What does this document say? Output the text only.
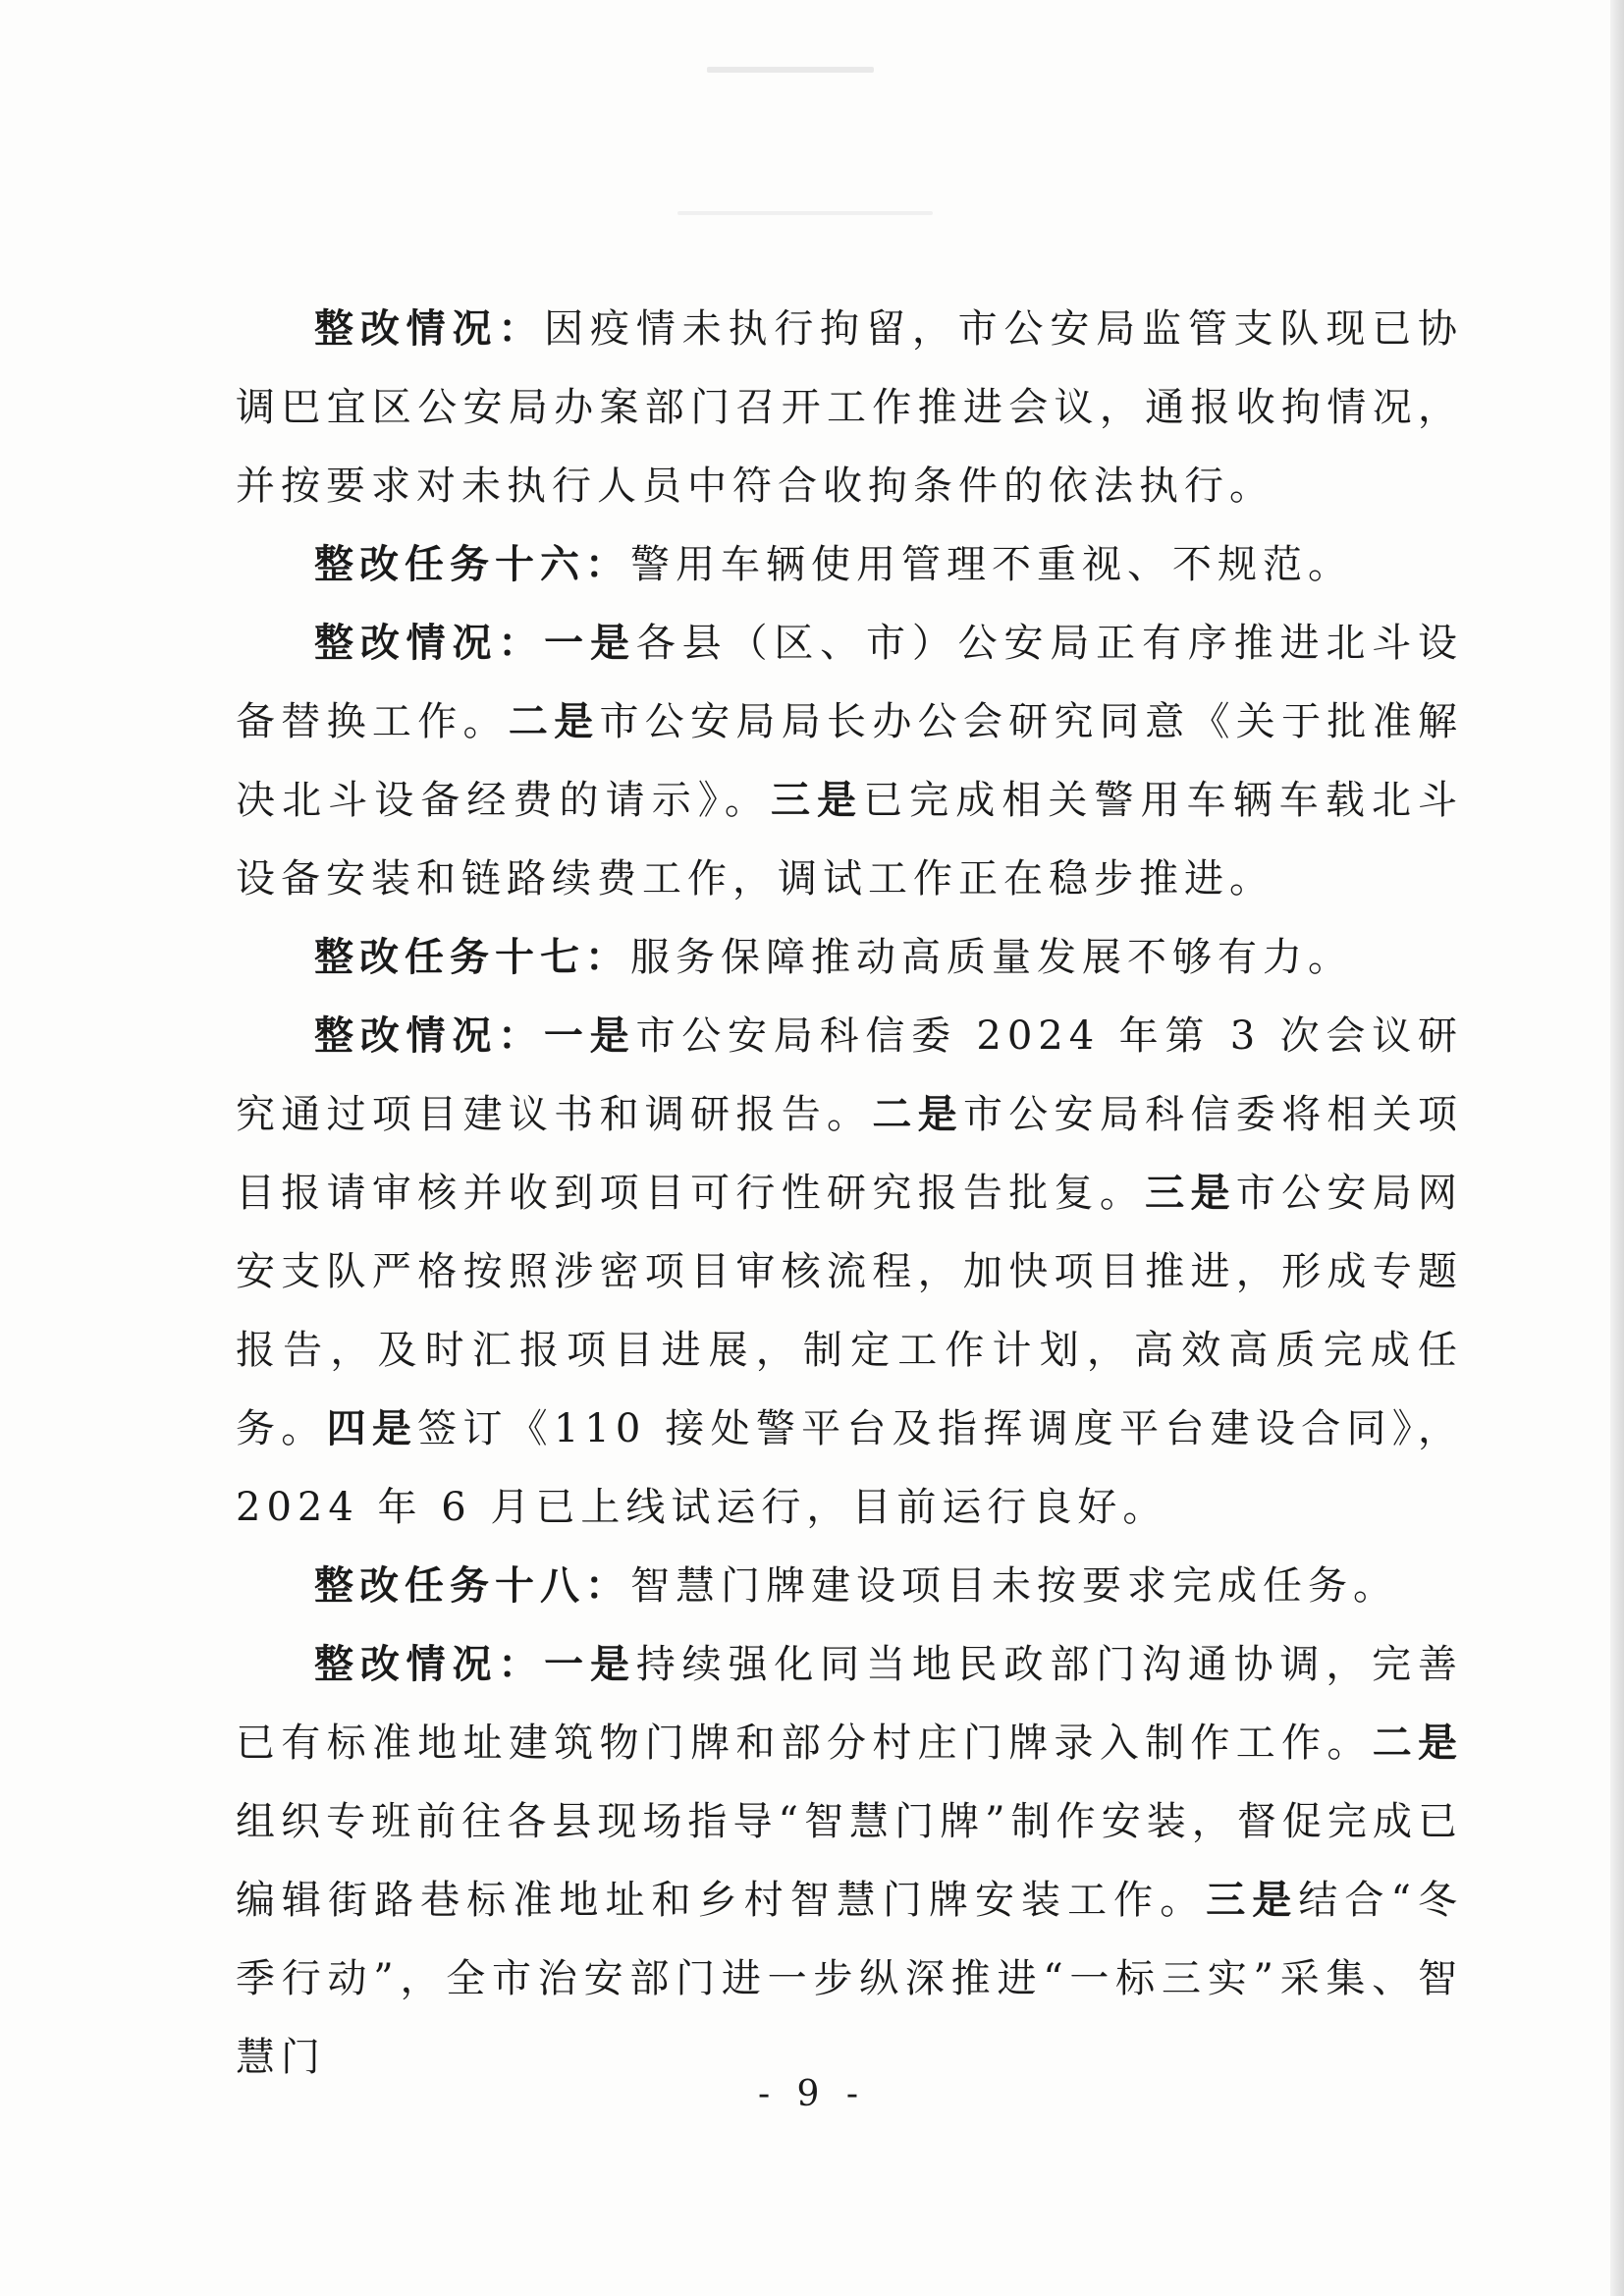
整改情况：因疫情未执行拘留，市公安局监管支队现已协调巴宜区公安局办案部门召开工作推进会议，通报收拘情况，并按要求对未执行人员中符合收拘条件的依法执行。

整改任务十六：警用车辆使用管理不重视、不规范。

整改情况：一是各县（区、市）公安局正有序推进北斗设备替换工作。二是市公安局局长办公会研究同意《关于批准解决北斗设备经费的请示》。三是已完成相关警用车辆车载北斗设备安装和链路续费工作，调试工作正在稳步推进。

整改任务十七：服务保障推动高质量发展不够有力。

整改情况：一是市公安局科信委 2024 年第 3 次会议研究通过项目建议书和调研报告。二是市公安局科信委将相关项目报请审核并收到项目可行性研究报告批复。三是市公安局网安支队严格按照涉密项目审核流程，加快项目推进，形成专题报告，及时汇报项目进展，制定工作计划，高效高质完成任务。四是签订《110 接处警平台及指挥调度平台建设合同》，2024 年 6 月已上线试运行，目前运行良好。

整改任务十八：智慧门牌建设项目未按要求完成任务。

整改情况：一是持续强化同当地民政部门沟通协调，完善已有标准地址建筑物门牌和部分村庄门牌录入制作工作。二是组织专班前往各县现场指导“智慧门牌”制作安装，督促完成已编辑街路巷标准地址和乡村智慧门牌安装工作。三是结合“冬季行动”，全市治安部门进一步纵深推进“一标三实”采集、智慧门

- 9 -
